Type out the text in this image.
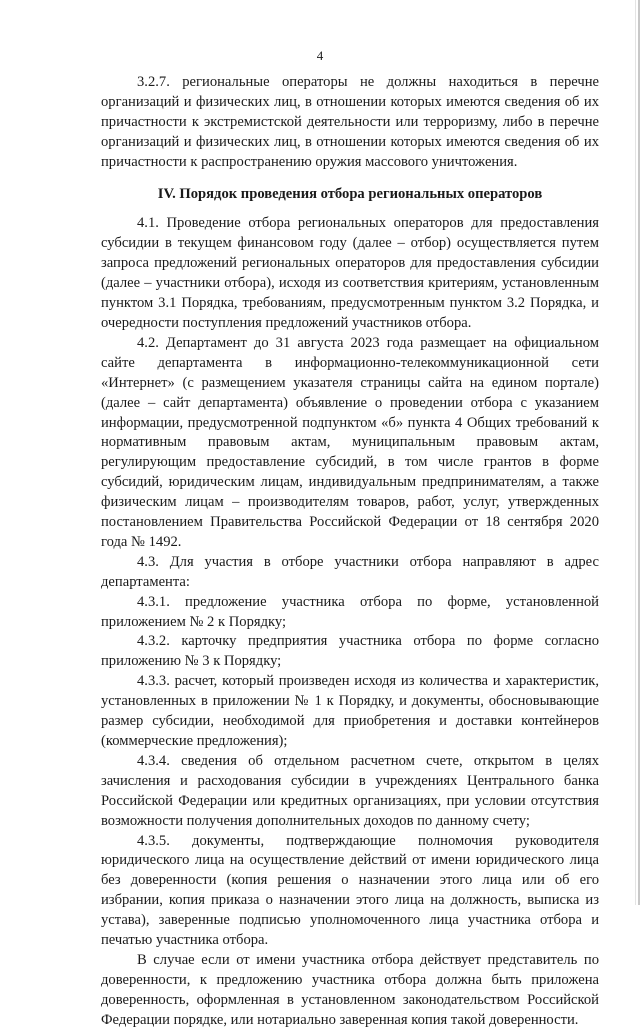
4

3.2.7. региональные операторы не должны находиться в перечне организаций и физических лиц, в отношении которых имеются сведения об их причастности к экстремистской деятельности или терроризму, либо в перечне организаций и физических лиц, в отношении которых имеются сведения об их причастности к распространению оружия массового уничтожения.

IV. Порядок проведения отбора региональных операторов

4.1. Проведение отбора региональных операторов для предоставления субсидии в текущем финансовом году (далее – отбор) осуществляется путем запроса предложений региональных операторов для предоставления субсидии (далее – участники отбора), исходя из соответствия критериям, установленным пунктом 3.1 Порядка, требованиям, предусмотренным пунктом 3.2 Порядка, и очередности поступления предложений участников отбора.

4.2. Департамент до 31 августа 2023 года размещает на официальном сайте департамента в информационно-телекоммуникационной сети «Интернет» (с размещением указателя страницы сайта на едином портале) (далее – сайт департамента) объявление о проведении отбора с указанием информации, предусмотренной подпунктом «б» пункта 4 Общих требований к нормативным правовым актам, муниципальным правовым актам, регулирующим предоставление субсидий, в том числе грантов в форме субсидий, юридическим лицам, индивидуальным предпринимателям, а также физическим лицам – производителям товаров, работ, услуг, утвержденных постановлением Правительства Российской Федерации от 18 сентября 2020 года № 1492.

4.3. Для участия в отборе участники отбора направляют в адрес департамента:

4.3.1. предложение участника отбора по форме, установленной приложением № 2 к Порядку;

4.3.2. карточку предприятия участника отбора по форме согласно приложению № 3 к Порядку;

4.3.3. расчет, который произведен исходя из количества и характеристик, установленных в приложении № 1 к Порядку, и документы, обосновывающие размер субсидии, необходимой для приобретения и доставки контейнеров (коммерческие предложения);

4.3.4. сведения об отдельном расчетном счете, открытом в целях зачисления и расходования субсидии в учреждениях Центрального банка Российской Федерации или кредитных организациях, при условии отсутствия возможности получения дополнительных доходов по данному счету;

4.3.5. документы, подтверждающие полномочия руководителя юридического лица на осуществление действий от имени юридического лица без доверенности (копия решения о назначении этого лица или об его избрании, копия приказа о назначении этого лица на должность, выписка из устава), заверенные подписью уполномоченного лица участника отбора и печатью участника отбора.

В случае если от имени участника отбора действует представитель по доверенности, к предложению участника отбора должна быть приложена доверенность, оформленная в установленном законодательством Российской Федерации порядке, или нотариально заверенная копия такой доверенности.
